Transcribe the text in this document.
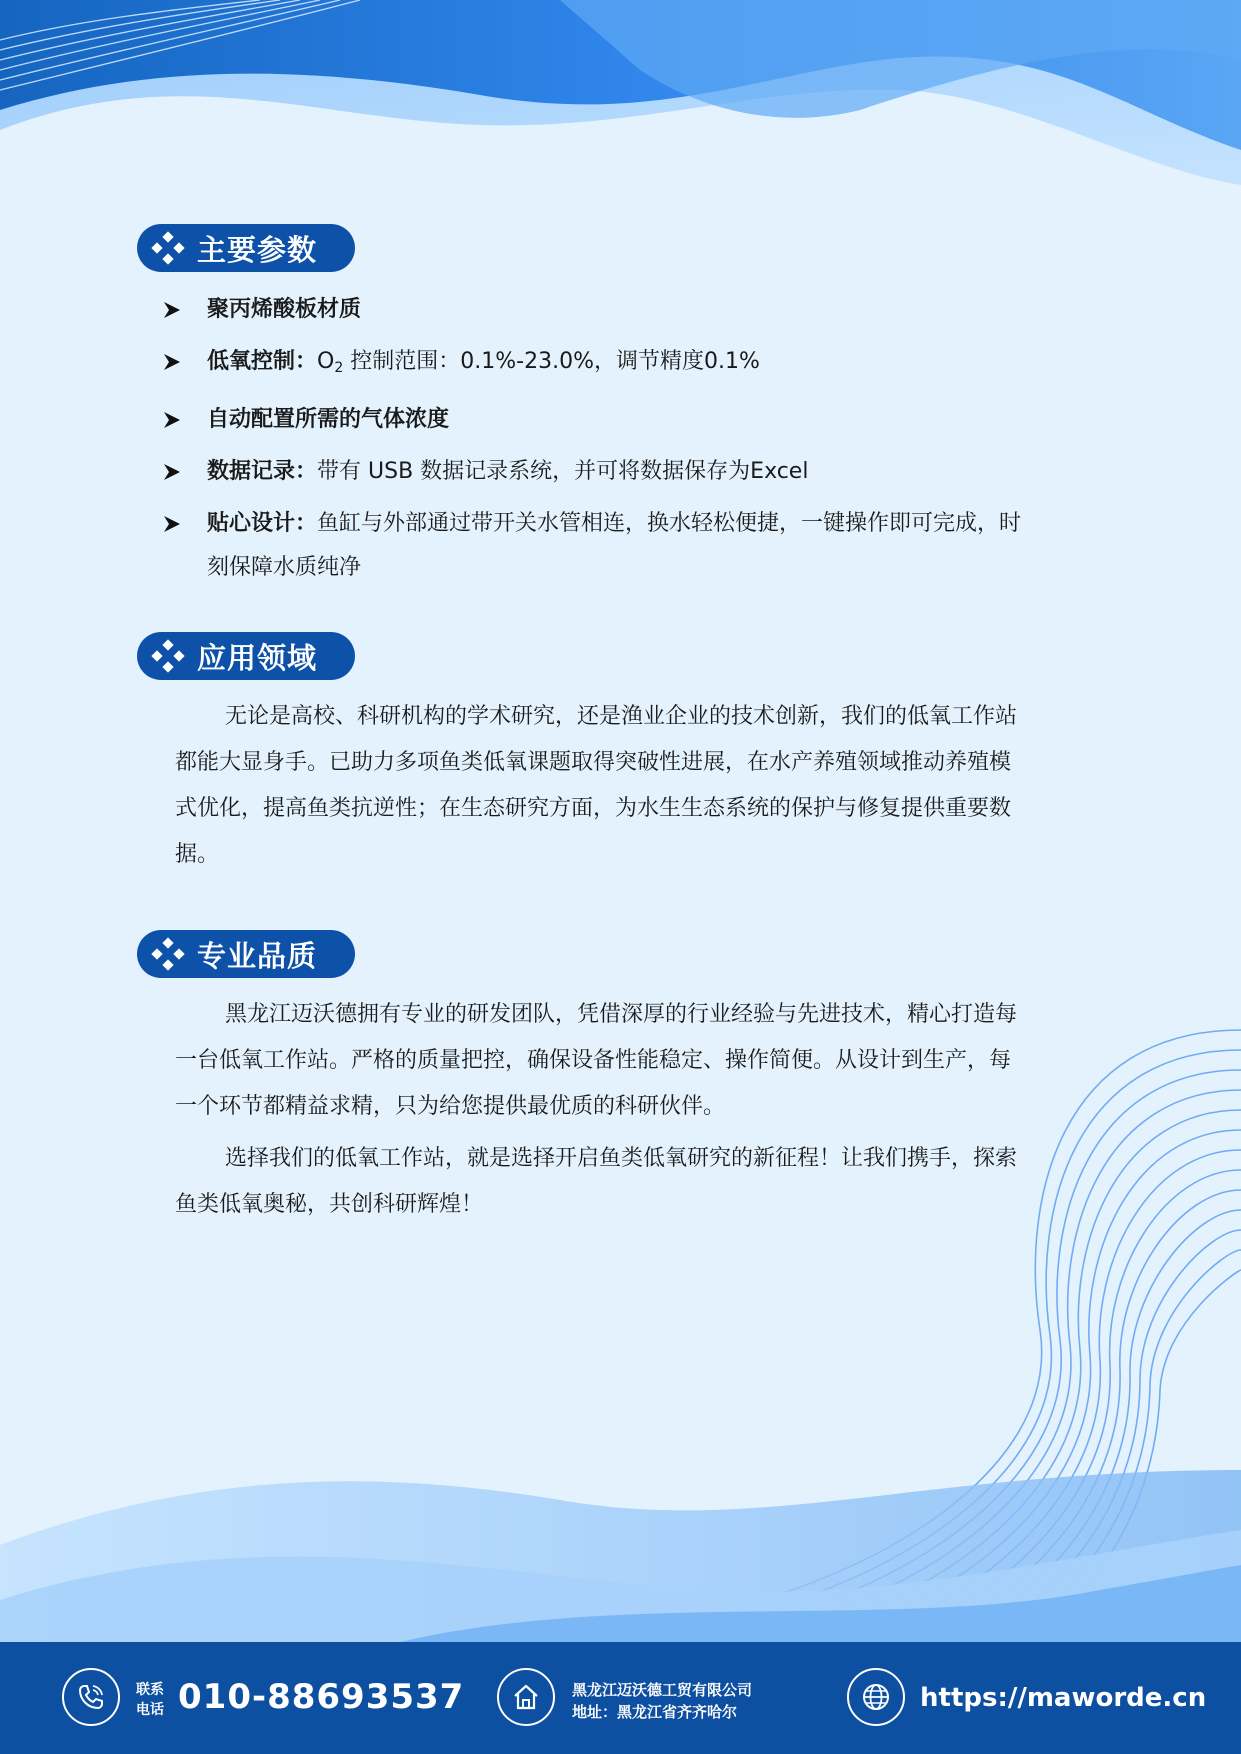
主要参数
聚丙烯酸板材质
低氧控制：$O_2$ 控制范围：0.1%-23.0%，调节精度0.1%
自动配置所需的气体浓度
数据记录：带有 USB 数据记录系统，并可将数据保存为Excel
贴心设计：鱼缸与外部通过带开关水管相连，换水轻松便捷，一键操作即可完成，时刻保障水质纯净
应用领域

无论是高校、科研机构的学术研究，还是渔业企业的技术创新，我们的低氧工作站都能大显身手。已助力多项鱼类低氧课题取得突破性进展，在水产养殖领域推动养殖模式优化，提高鱼类抗逆性；在生态研究方面，为水生生态系统的保护与修复提供重要数据。

专业品质

黑龙江迈沃德拥有专业的研发团队，凭借深厚的行业经验与先进技术，精心打造每一台低氧工作站。严格的质量把控，确保设备性能稳定、操作简便。从设计到生产，每一个环节都精益求精，只为给您提供最优质的科研伙伴。

选择我们的低氧工作站，就是选择开启鱼类低氧研究的新征程！让我们携手，探索鱼类低氧奥秘，共创科研辉煌！

联系
电话 010-88693537	黑龙江迈沃德工贸有限公司
地址：黑龙江省齐齐哈尔	https://maworde.cn
